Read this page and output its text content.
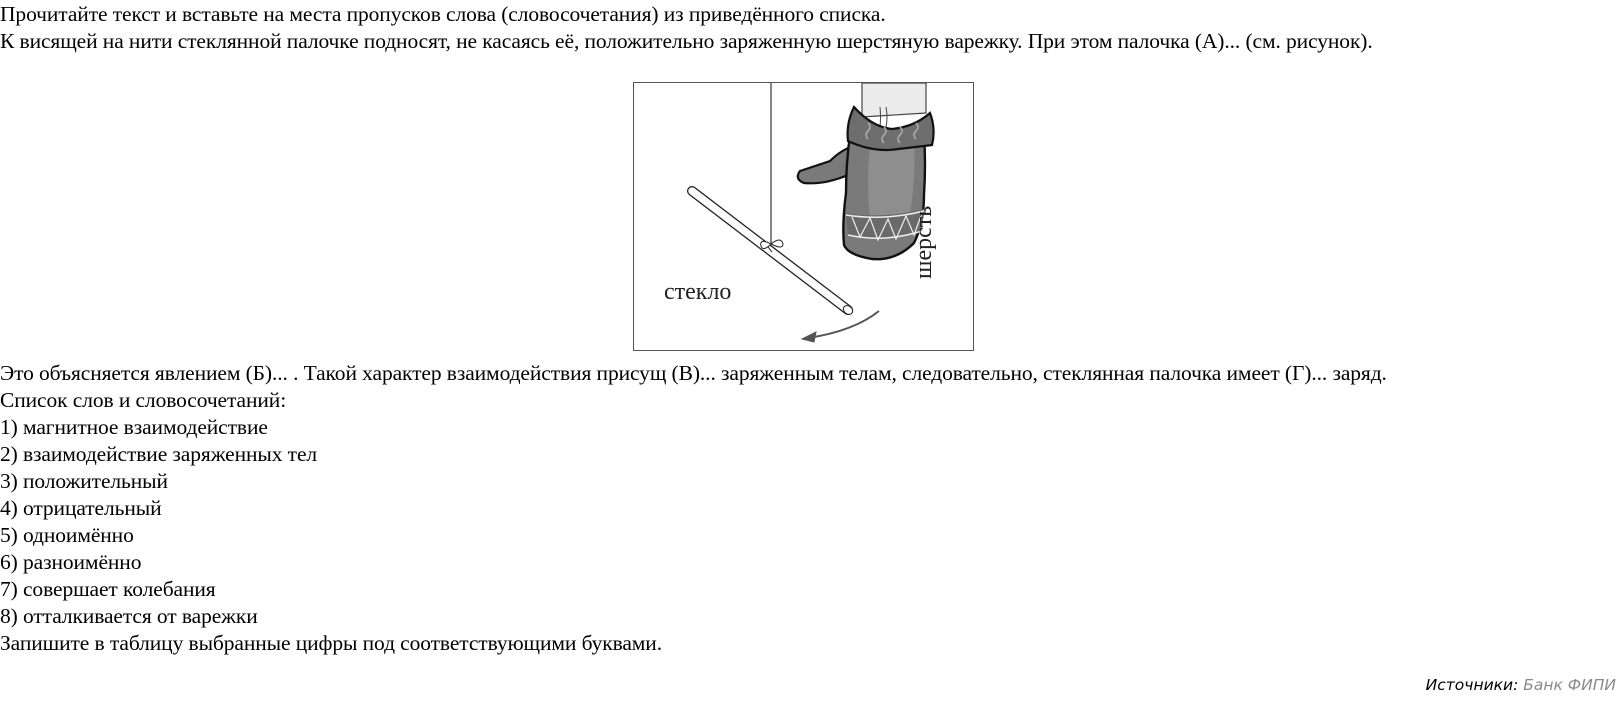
Прочитайте текст и вставьте на места пропусков слова (словосочетания) из приведённого списка.
К висящей на нити стеклянной палочке подносят, не касаясь её, положительно заряженную шерстяную варежку. При этом палочка (А)... (см. рисунок).
стекло
шерсть
Это объясняется явлением (Б)... . Такой характер взаимодействия присущ (В)... заряженным телам, следовательно, стеклянная палочка имеет (Г)... заряд.
Список слов и словосочетаний:
1) магнитное взаимодействие
2) взаимодействие заряженных тел
3) положительный
4) отрицательный
5) одноимённо
6) разноимённо
7) совершает колебания
8) отталкивается от варежки
Запишите в таблицу выбранные цифры под соответствующими буквами.
Источники: Банк ФИПИ
